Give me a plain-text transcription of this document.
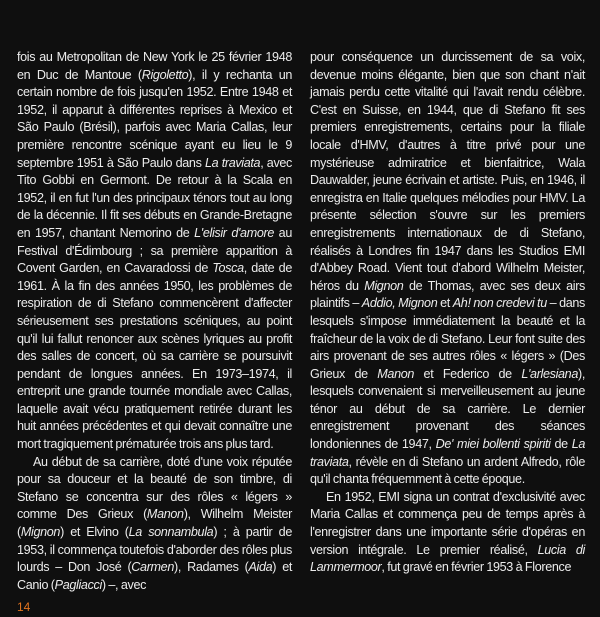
fois au Metropolitan de New York le 25 février 1948 en Duc de Mantoue (Rigoletto), il y rechanta un certain nombre de fois jusqu'en 1952. Entre 1948 et 1952, il apparut à différentes reprises à Mexico et São Paulo (Brésil), parfois avec Maria Callas, leur première rencontre scénique ayant eu lieu le 9 septembre 1951 à São Paulo dans La traviata, avec Tito Gobbi en Germont. De retour à la Scala en 1952, il en fut l'un des principaux ténors tout au long de la décennie. Il fit ses débuts en Grande-Bretagne en 1957, chantant Nemorino de L'elisir d'amore au Festival d'Édimbourg ; sa première apparition à Covent Garden, en Cavaradossi de Tosca, date de 1961. À la fin des années 1950, les problèmes de respiration de di Stefano commencèrent d'affecter sérieusement ses prestations scéniques, au point qu'il lui fallut renoncer aux scènes lyriques au profit des salles de concert, où sa carrière se poursuivit pendant de longues années. En 1973–1974, il entreprit une grande tournée mondiale avec Callas, laquelle avait vécu pratiquement retirée durant les huit années précédentes et qui devait connaître une mort tragiquement prématurée trois ans plus tard.

Au début de sa carrière, doté d'une voix réputée pour sa douceur et la beauté de son timbre, di Stefano se concentra sur des rôles « légers » comme Des Grieux (Manon), Wilhelm Meister (Mignon) et Elvino (La sonnambula) ; à partir de 1953, il commença toutefois d'aborder des rôles plus lourds – Don José (Carmen), Radames (Aida) et Canio (Pagliacci) –, avec

pour conséquence un durcissement de sa voix, devenue moins élégante, bien que son chant n'ait jamais perdu cette vitalité qui l'avait rendu célèbre. C'est en Suisse, en 1944, que di Stefano fit ses premiers enregistrements, certains pour la filiale locale d'HMV, d'autres à titre privé pour une mystérieuse admiratrice et bienfaitrice, Wala Dauwalder, jeune écrivain et artiste. Puis, en 1946, il enregistra en Italie quelques mélodies pour HMV. La présente sélection s'ouvre sur les premiers enregistrements internationaux de di Stefano, réalisés à Londres fin 1947 dans les Studios EMI d'Abbey Road. Vient tout d'abord Wilhelm Meister, héros du Mignon de Thomas, avec ses deux airs plaintifs – Addio, Mignon et Ah! non credevi tu – dans lesquels s'impose immédiatement la beauté et la fraîcheur de la voix de di Stefano. Leur font suite des airs provenant de ses autres rôles « légers » (Des Grieux de Manon et Federico de L'arlesiana), lesquels convenaient si merveilleusement au jeune ténor au début de sa carrière. Le dernier enregistrement provenant des séances londoniennes de 1947, De' miei bollenti spiriti de La traviata, révèle en di Stefano un ardent Alfredo, rôle qu'il chanta fréquemment à cette époque.

En 1952, EMI signa un contrat d'exclusivité avec Maria Callas et commença peu de temps après à l'enregistrer dans une importante série d'opéras en version intégrale. Le premier réalisé, Lucia di Lammermoor, fut gravé en février 1953 à Florence

14
